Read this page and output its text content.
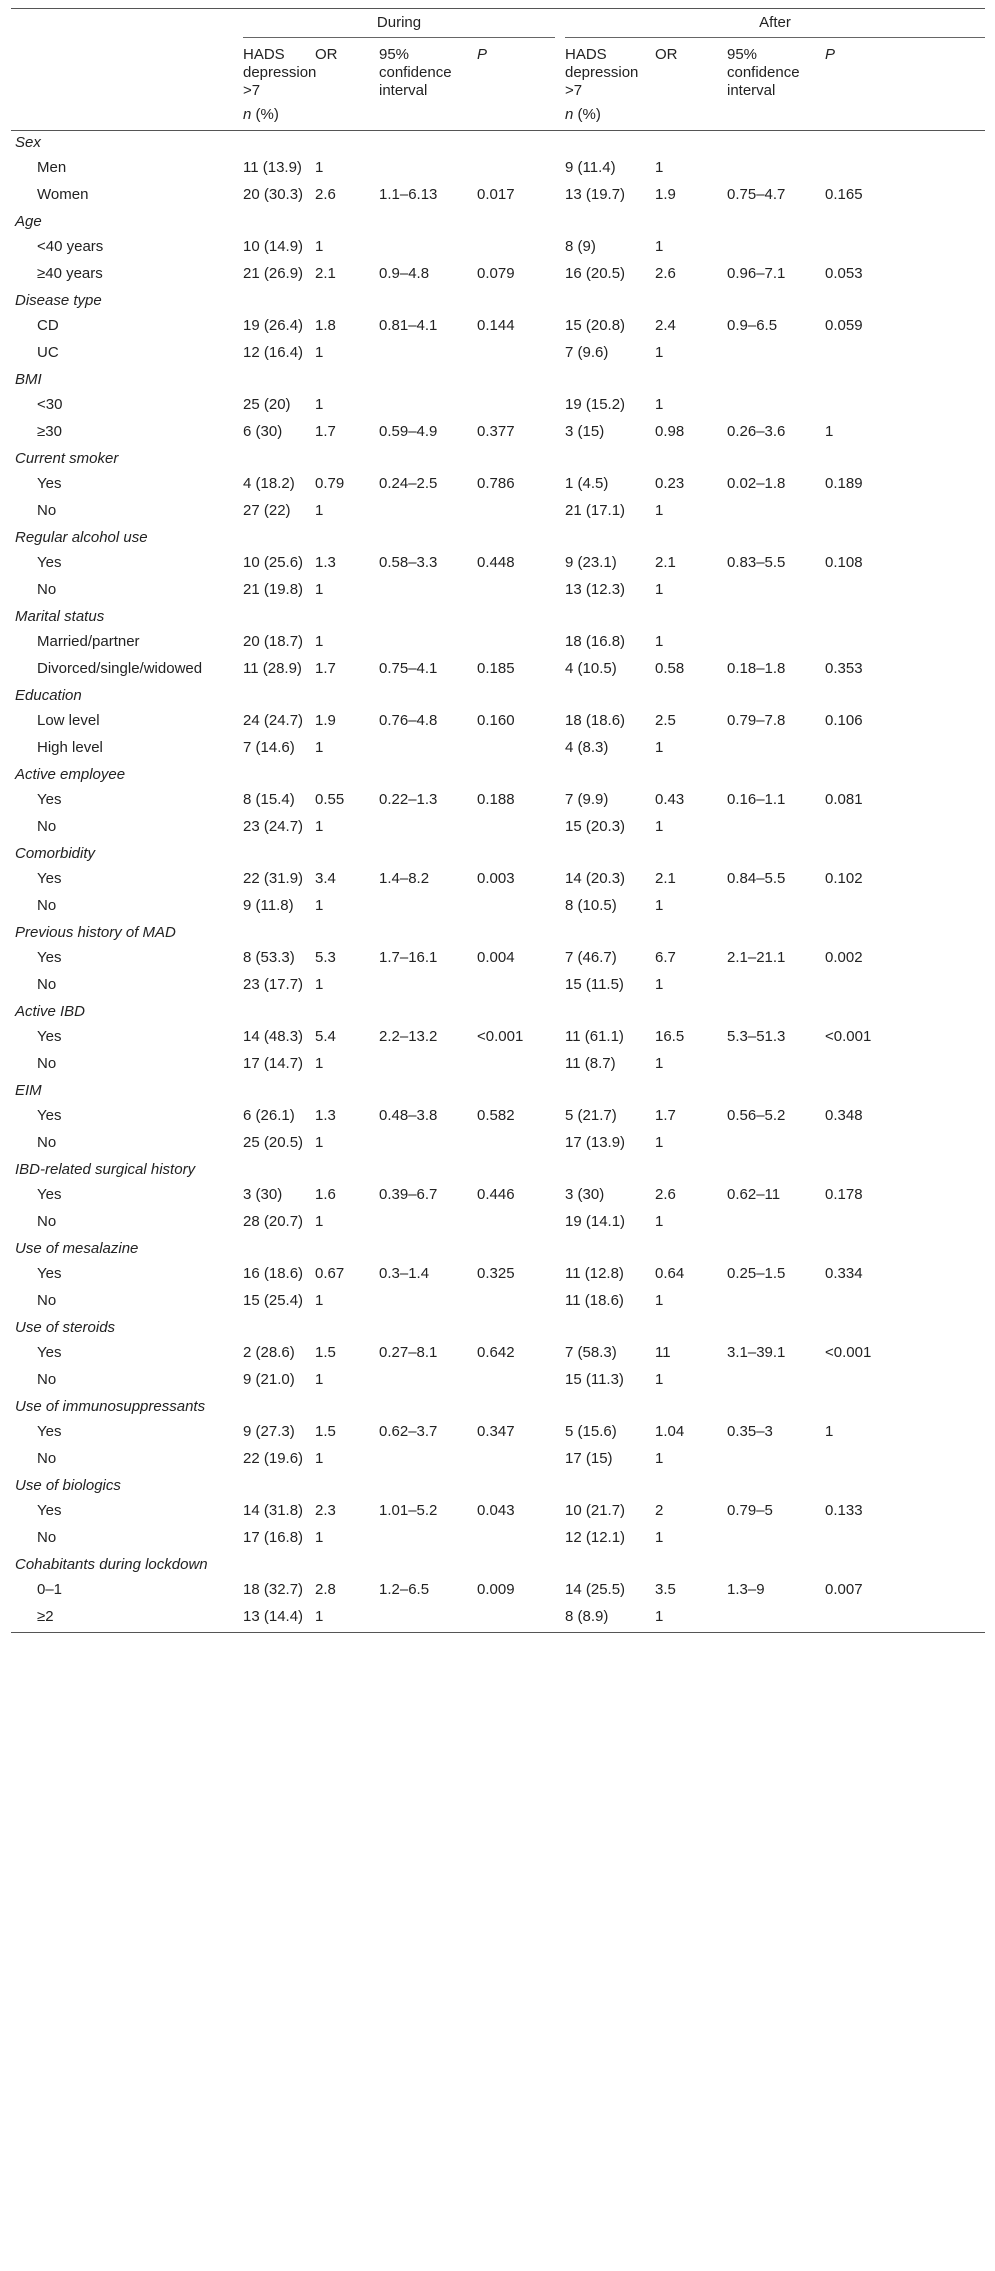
	During				After			

	HADS depression >7	OR	95% confidence interval	P	HADS depression >7	OR	95% confidence interval	P
	n (%)				n (%)			
Sex								
Men	11 (13.9)	1			9 (11.4)	1		
Women	20 (30.3)	2.6	1.1–6.13	0.017	13 (19.7)	1.9	0.75–4.7	0.165
Age								
<40 years	10 (14.9)	1			8 (9)	1		
≥40 years	21 (26.9)	2.1	0.9–4.8	0.079	16 (20.5)	2.6	0.96–7.1	0.053
Disease type								
CD	19 (26.4)	1.8	0.81–4.1	0.144	15 (20.8)	2.4	0.9–6.5	0.059
UC	12 (16.4)	1			7 (9.6)	1		
BMI								
<30	25 (20)	1			19 (15.2)	1		
≥30	6 (30)	1.7	0.59–4.9	0.377	3 (15)	0.98	0.26–3.6	1
Current smoker								
Yes	4 (18.2)	0.79	0.24–2.5	0.786	1 (4.5)	0.23	0.02–1.8	0.189
No	27 (22)	1			21 (17.1)	1		
Regular alcohol use								
Yes	10 (25.6)	1.3	0.58–3.3	0.448	9 (23.1)	2.1	0.83–5.5	0.108
No	21 (19.8)	1			13 (12.3)	1		
Marital status								
Married/partner	20 (18.7)	1			18 (16.8)	1		
Divorced/single/widowed	11 (28.9)	1.7	0.75–4.1	0.185	4 (10.5)	0.58	0.18–1.8	0.353
Education								
Low level	24 (24.7)	1.9	0.76–4.8	0.160	18 (18.6)	2.5	0.79–7.8	0.106
High level	7 (14.6)	1			4 (8.3)	1		
Active employee								
Yes	8 (15.4)	0.55	0.22–1.3	0.188	7 (9.9)	0.43	0.16–1.1	0.081
No	23 (24.7)	1			15 (20.3)	1		
Comorbidity								
Yes	22 (31.9)	3.4	1.4–8.2	0.003	14 (20.3)	2.1	0.84–5.5	0.102
No	9 (11.8)	1			8 (10.5)	1		
Previous history of MAD								
Yes	8 (53.3)	5.3	1.7–16.1	0.004	7 (46.7)	6.7	2.1–21.1	0.002
No	23 (17.7)	1			15 (11.5)	1		
Active IBD								
Yes	14 (48.3)	5.4	2.2–13.2	<0.001	11 (61.1)	16.5	5.3–51.3	<0.001
No	17 (14.7)	1			11 (8.7)	1		
EIM								
Yes	6 (26.1)	1.3	0.48–3.8	0.582	5 (21.7)	1.7	0.56–5.2	0.348
No	25 (20.5)	1			17 (13.9)	1		
IBD-related surgical history								
Yes	3 (30)	1.6	0.39–6.7	0.446	3 (30)	2.6	0.62–11	0.178
No	28 (20.7)	1			19 (14.1)	1		
Use of mesalazine								
Yes	16 (18.6)	0.67	0.3–1.4	0.325	11 (12.8)	0.64	0.25–1.5	0.334
No	15 (25.4)	1			11 (18.6)	1		
Use of steroids								
Yes	2 (28.6)	1.5	0.27–8.1	0.642	7 (58.3)	11	3.1–39.1	<0.001
No	9 (21.0)	1			15 (11.3)	1		
Use of immunosuppressants								
Yes	9 (27.3)	1.5	0.62–3.7	0.347	5 (15.6)	1.04	0.35–3	1
No	22 (19.6)	1			17 (15)	1		
Use of biologics								
Yes	14 (31.8)	2.3	1.01–5.2	0.043	10 (21.7)	2	0.79–5	0.133
No	17 (16.8)	1			12 (12.1)	1		
Cohabitants during lockdown								
0–1	18 (32.7)	2.8	1.2–6.5	0.009	14 (25.5)	3.5	1.3–9	0.007
≥2	13 (14.4)	1			8 (8.9)	1		
